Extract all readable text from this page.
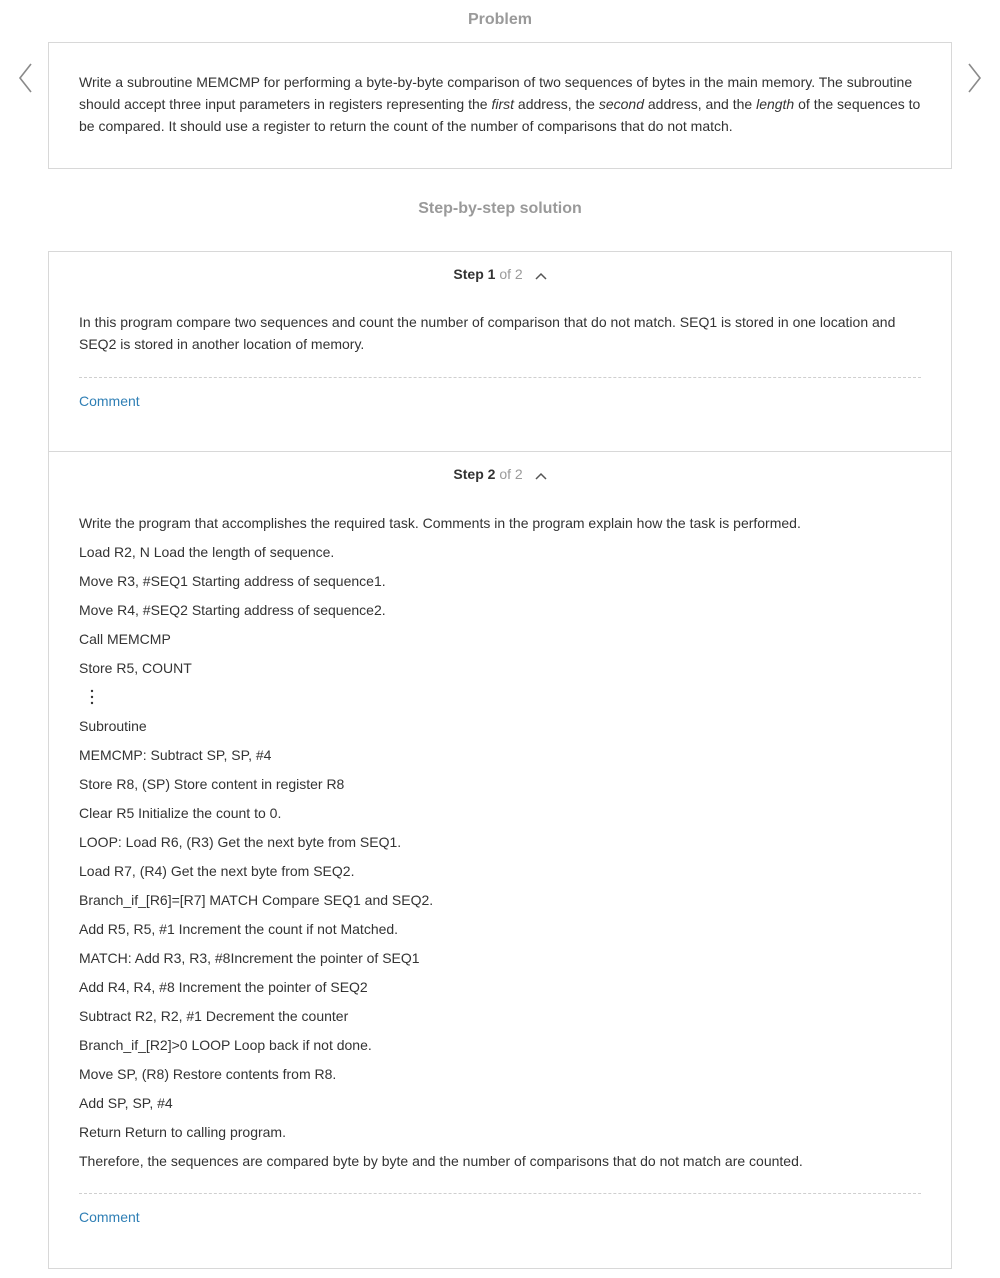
Problem
Write a subroutine MEMCMP for performing a byte-by-byte comparison of two sequences of bytes in the main memory. The subroutine should accept three input parameters in registers representing the first address, the second address, and the length of the sequences to be compared. It should use a register to return the count of the number of comparisons that do not match.
Step-by-step solution
Step 1 of 2
In this program compare two sequences and count the number of comparison that do not match. SEQ1 is stored in one location and SEQ2 is stored in another location of memory.
Comment
Step 2 of 2
Write the program that accomplishes the required task. Comments in the program explain how the task is performed.
Load R2, N Load the length of sequence.
Move R3, #SEQ1 Starting address of sequence1.
Move R4, #SEQ2 Starting address of sequence2.
Call MEMCMP
Store R5, COUNT
Subroutine
MEMCMP: Subtract SP, SP, #4
Store R8, (SP) Store content in register R8
Clear R5 Initialize the count to 0.
LOOP: Load R6, (R3) Get the next byte from SEQ1.
Load R7, (R4) Get the next byte from SEQ2.
Branch_if_[R6]=[R7] MATCH Compare SEQ1 and SEQ2.
Add R5, R5, #1 Increment the count if not Matched.
MATCH: Add R3, R3, #8Increment the pointer of SEQ1
Add R4, R4, #8 Increment the pointer of SEQ2
Subtract R2, R2, #1 Decrement the counter
Branch_if_[R2]>0 LOOP Loop back if not done.
Move SP, (R8) Restore contents from R8.
Add SP, SP, #4
Return Return to calling program.
Therefore, the sequences are compared byte by byte and the number of comparisons that do not match are counted.
Comment
